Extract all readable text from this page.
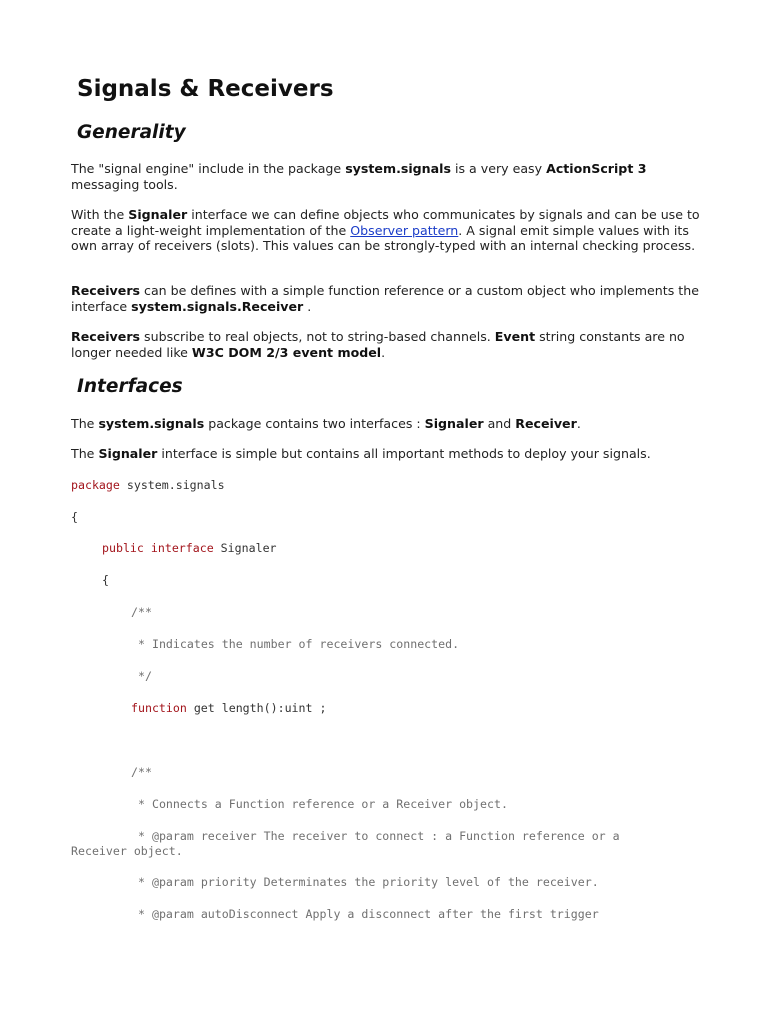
Signals & Receivers
Generality

The "signal engine" include in the package system.signals is a very easy ActionScript 3 messaging tools.

With the Signaler interface we can define objects who communicates by signals and can be use to create a light-weight implementation of the Observer pattern. A signal emit simple values with its own array of receivers (slots). This values can be strongly-typed with an internal checking process.

Receivers can be defines with a simple function reference or a custom object who implements the interface system.signals.Receiver .

Receivers subscribe to real objects, not to string-based channels. Event string constants are no longer needed like W3C DOM 2/3 event model.

Interfaces

The system.signals package contains two interfaces : Signaler and Receiver.

The Signaler interface is simple but contains all important methods to deploy your signals.

package system.signals
{
public interface Signaler
{
/**
* Indicates the number of receivers connected.
*/
function get length():uint ;
/**
* Connects a Function reference or a Receiver object.
* @param receiver The receiver to connect : a Function reference or a
Receiver object.
* @param priority Determinates the priority level of the receiver.
* @param autoDisconnect Apply a disconnect after the first trigger
